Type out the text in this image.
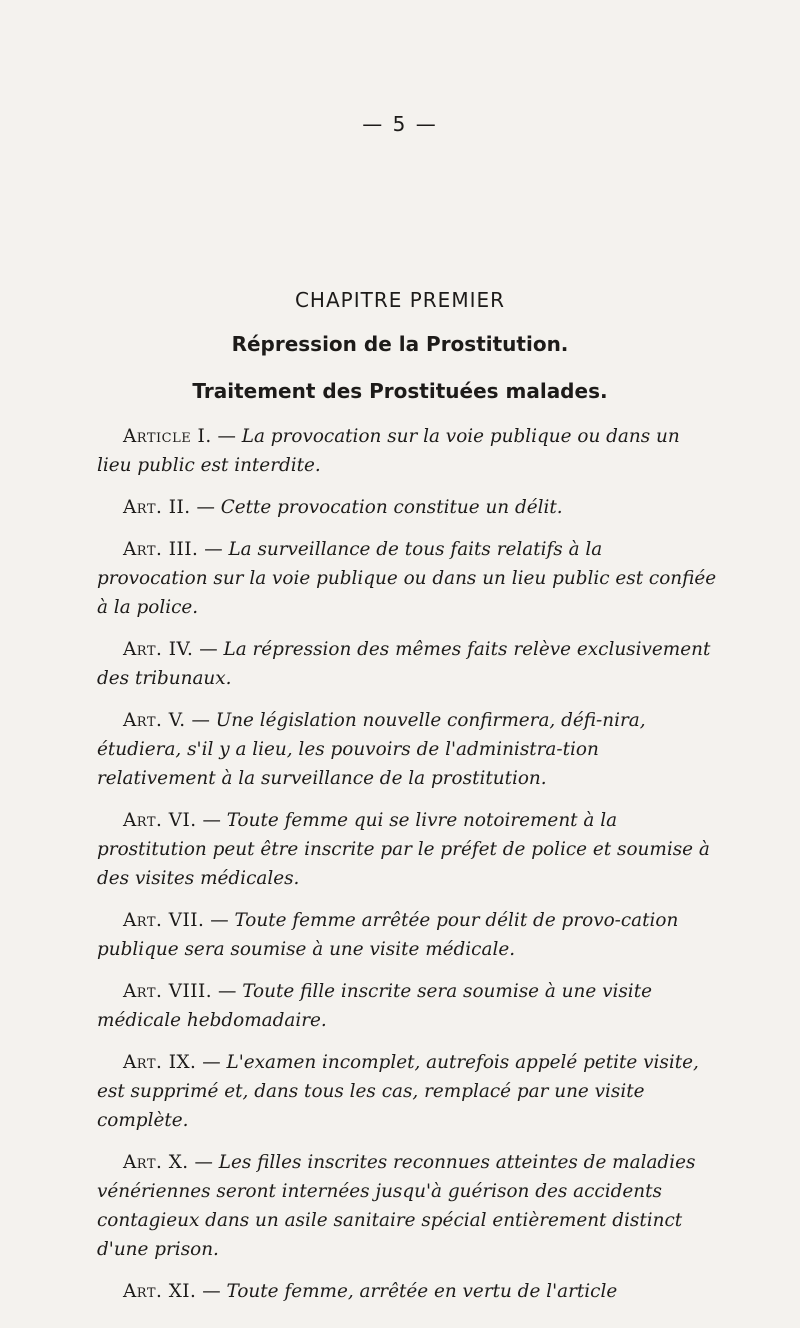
— 5 —
CHAPITRE PREMIER
Répression de la Prostitution.
Traitement des Prostituées malades.

Article I. — La provocation sur la voie publique ou dans un lieu public est interdite.

Art. II. — Cette provocation constitue un délit.

Art. III. — La surveillance de tous faits relatifs à la provocation sur la voie publique ou dans un lieu public est confiée à la police.

Art. IV. — La répression des mêmes faits relève exclusivement des tribunaux.

Art. V. — Une législation nouvelle confirmera, défi-nira, étudiera, s'il y a lieu, les pouvoirs de l'administra-tion relativement à la surveillance de la prostitution.

Art. VI. — Toute femme qui se livre notoirement à la prostitution peut être inscrite par le préfet de police et soumise à des visites médicales.

Art. VII. — Toute femme arrêtée pour délit de provo-cation publique sera soumise à une visite médicale.

Art. VIII. — Toute fille inscrite sera soumise à une visite médicale hebdomadaire.

Art. IX. — L'examen incomplet, autrefois appelé petite visite, est supprimé et, dans tous les cas, remplacé par une visite complète.

Art. X. — Les filles inscrites reconnues atteintes de maladies vénériennes seront internées jusqu'à guérison des accidents contagieux dans un asile sanitaire spécial entièrement distinct d'une prison.

Art. XI. — Toute femme, arrêtée en vertu de l'article
